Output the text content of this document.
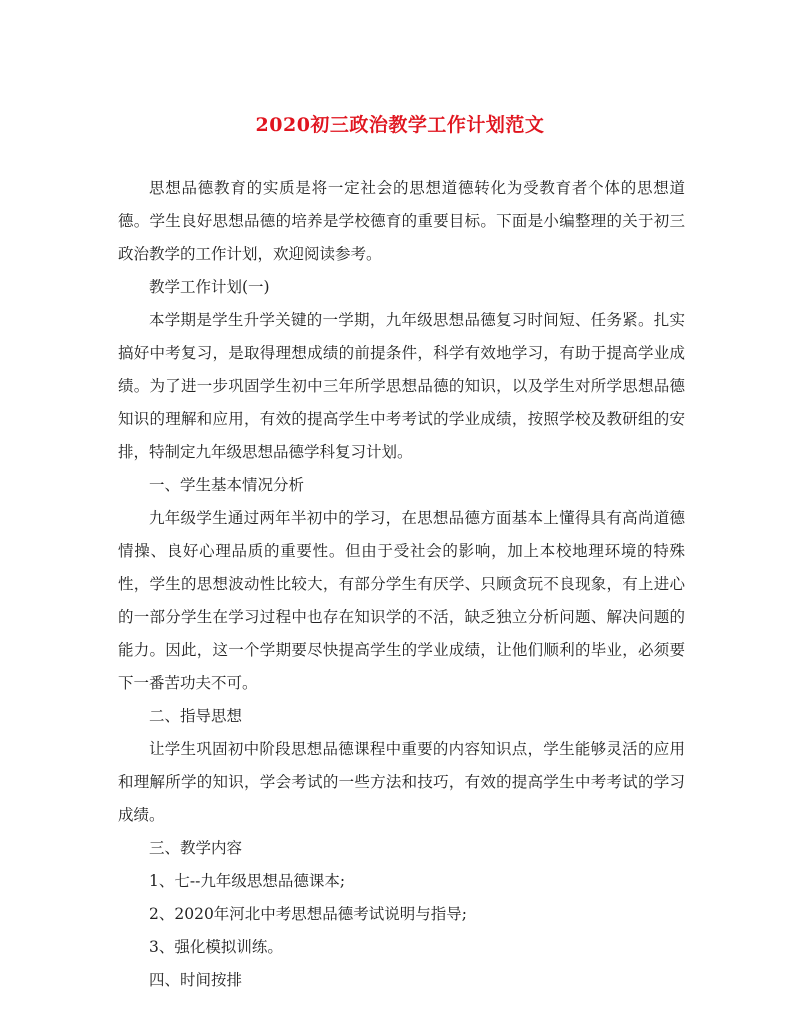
2020初三政治教学工作计划范文

思想品德教育的实质是将一定社会的思想道德转化为受教育者个体的思想道德。学生良好思想品德的培养是学校德育的重要目标。下面是小编整理的关于初三政治教学的工作计划，欢迎阅读参考。

教学工作计划(一)

本学期是学生升学关键的一学期，九年级思想品德复习时间短、任务紧。扎实搞好中考复习，是取得理想成绩的前提条件，科学有效地学习，有助于提高学业成绩。为了进一步巩固学生初中三年所学思想品德的知识，以及学生对所学思想品德知识的理解和应用，有效的提高学生中考考试的学业成绩，按照学校及教研组的安排，特制定九年级思想品德学科复习计划。

一、学生基本情况分析

九年级学生通过两年半初中的学习，在思想品德方面基本上懂得具有高尚道德情操、良好心理品质的重要性。但由于受社会的影响，加上本校地理环境的特殊性，学生的思想波动性比较大，有部分学生有厌学、只顾贪玩不良现象，有上进心的一部分学生在学习过程中也存在知识学的不活，缺乏独立分析问题、解决问题的能力。因此，这一个学期要尽快提高学生的学业成绩，让他们顺利的毕业，必须要下一番苦功夫不可。

二、指导思想

让学生巩固初中阶段思想品德课程中重要的内容知识点，学生能够灵活的应用和理解所学的知识，学会考试的一些方法和技巧，有效的提高学生中考考试的学习成绩。

三、教学内容

1、七--九年级思想品德课本;

2、2020年河北中考思想品德考试说明与指导;

3、强化模拟训练。

四、时间按排
